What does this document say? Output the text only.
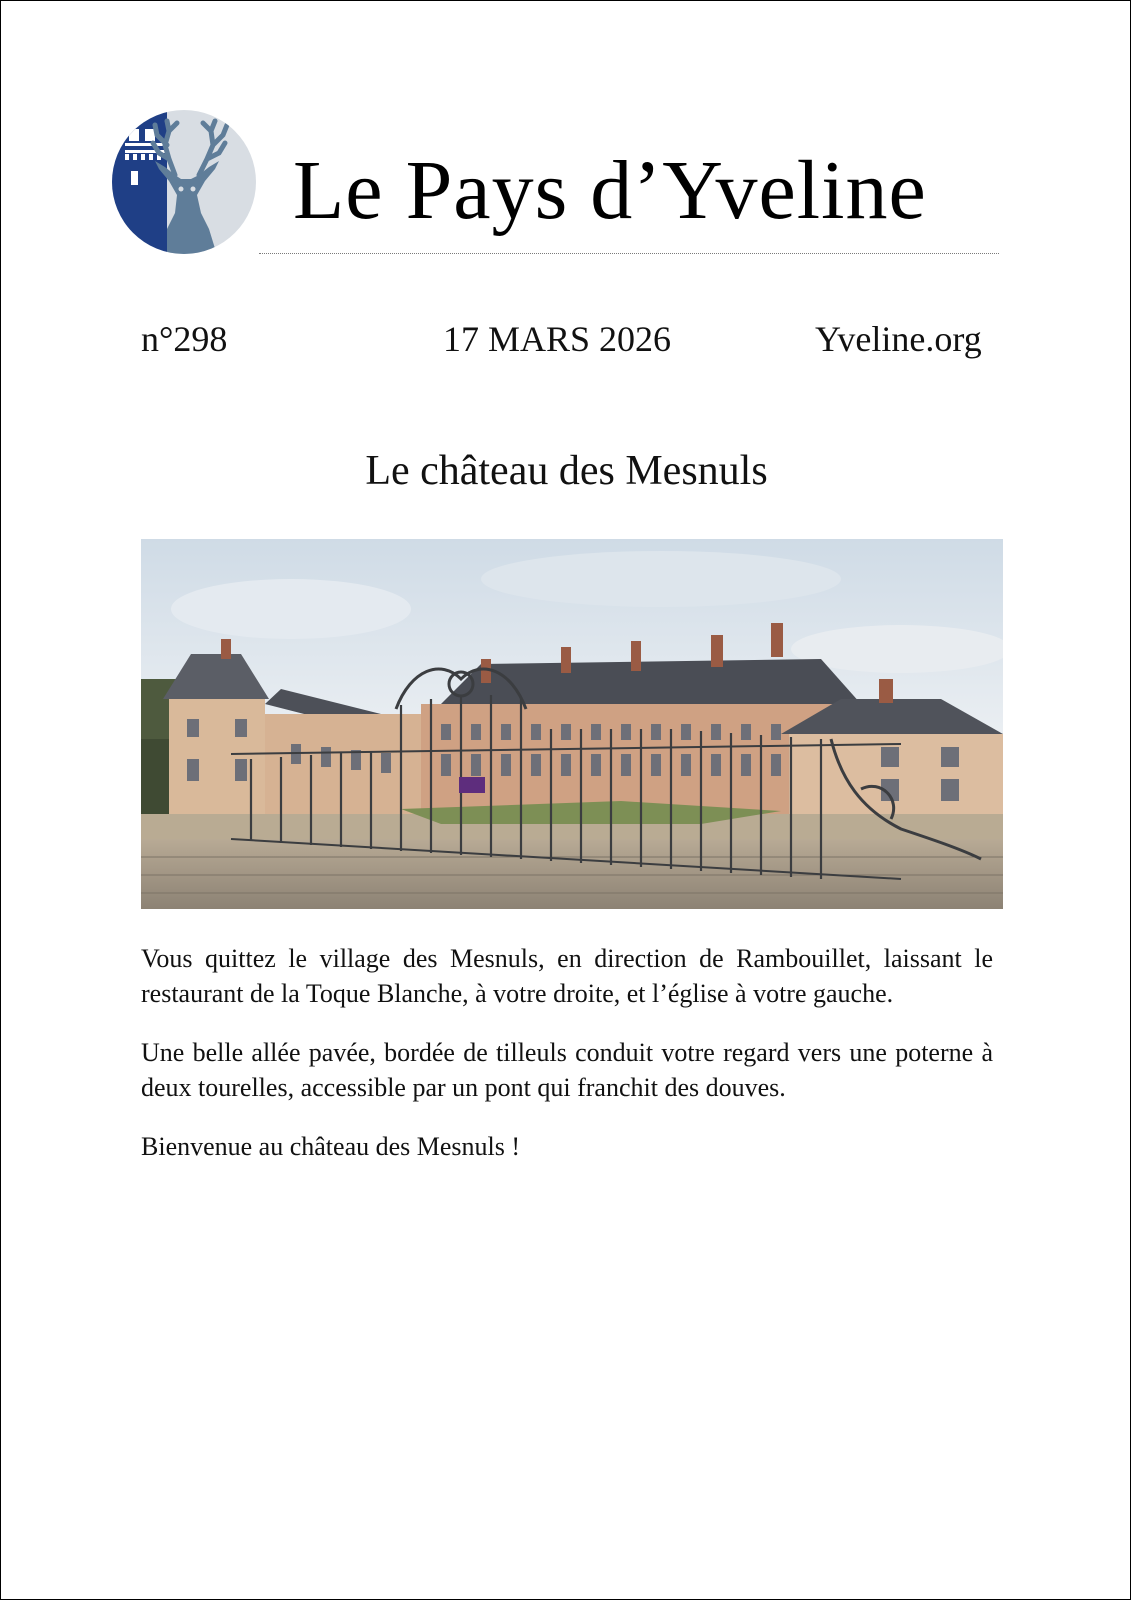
Le Pays d’Yveline
n°298	17 MARS 2026	Yveline.org
Le château des Mesnuls

Vous quittez le village des Mesnuls, en direction de Rambouillet, laissant le restaurant de la Toque Blanche, à votre droite, et l’église à votre gauche.

Une belle allée pavée, bordée de tilleuls conduit votre regard vers une poterne à deux tourelles, accessible par un pont qui franchit des douves.

Bienvenue au château des Mesnuls !
